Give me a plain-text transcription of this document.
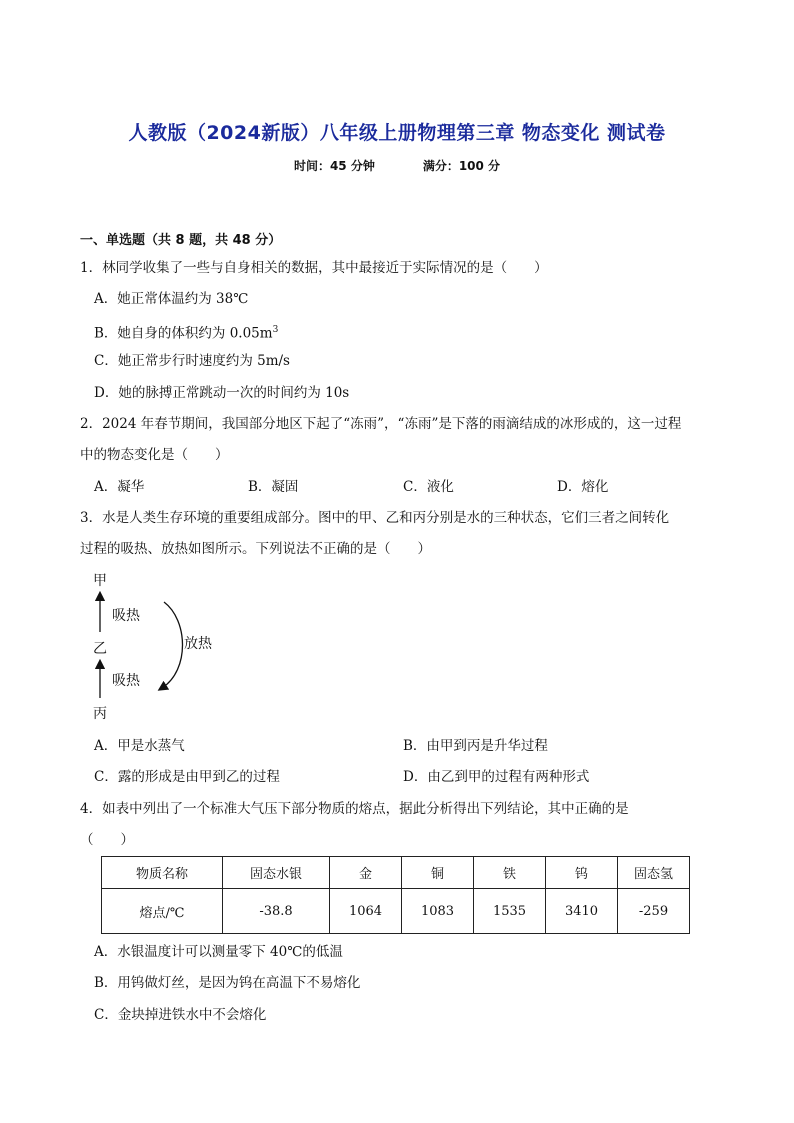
人教版（2024新版）八年级上册物理第三章 物态变化 测试卷
时间：45 分钟	满分：100 分
一、单选题（共 8 题，共 48 分）
1．林同学收集了一些与自身相关的数据，其中最接近于实际情况的是（　　）
A．她正常体温约为 38℃
B．她自身的体积约为 $0.05m^3$
C．她正常步行时速度约为 5m/s
D．她的脉搏正常跳动一次的时间约为 10s
2．2024 年春节期间，我国部分地区下起了“冻雨”，“冻雨”是下落的雨滴结成的冰形成的，这一过程
中的物态变化是（　　）
A．凝华	B．凝固	C．液化	D．熔化
3．水是人类生存环境的重要组成部分。图中的甲、乙和丙分别是水的三种状态，它们三者之间转化
过程的吸热、放热如图所示。下列说法不正确的是（　　）
甲
吸热
放热
乙
吸热
丙
A．甲是水蒸气	B．由甲到丙是升华过程
C．露的形成是由甲到乙的过程	D．由乙到甲的过程有两种形式
4．如表中列出了一个标准大气压下部分物质的熔点，据此分析得出下列结论，其中正确的是
（　　）
物质名称	固态水银	金	铜	铁	钨	固态氢
熔点/℃	-38.8	1064	1083	1535	3410	-259
A．水银温度计可以测量零下 40℃的低温
B．用钨做灯丝，是因为钨在高温下不易熔化
C．金块掉进铁水中不会熔化
